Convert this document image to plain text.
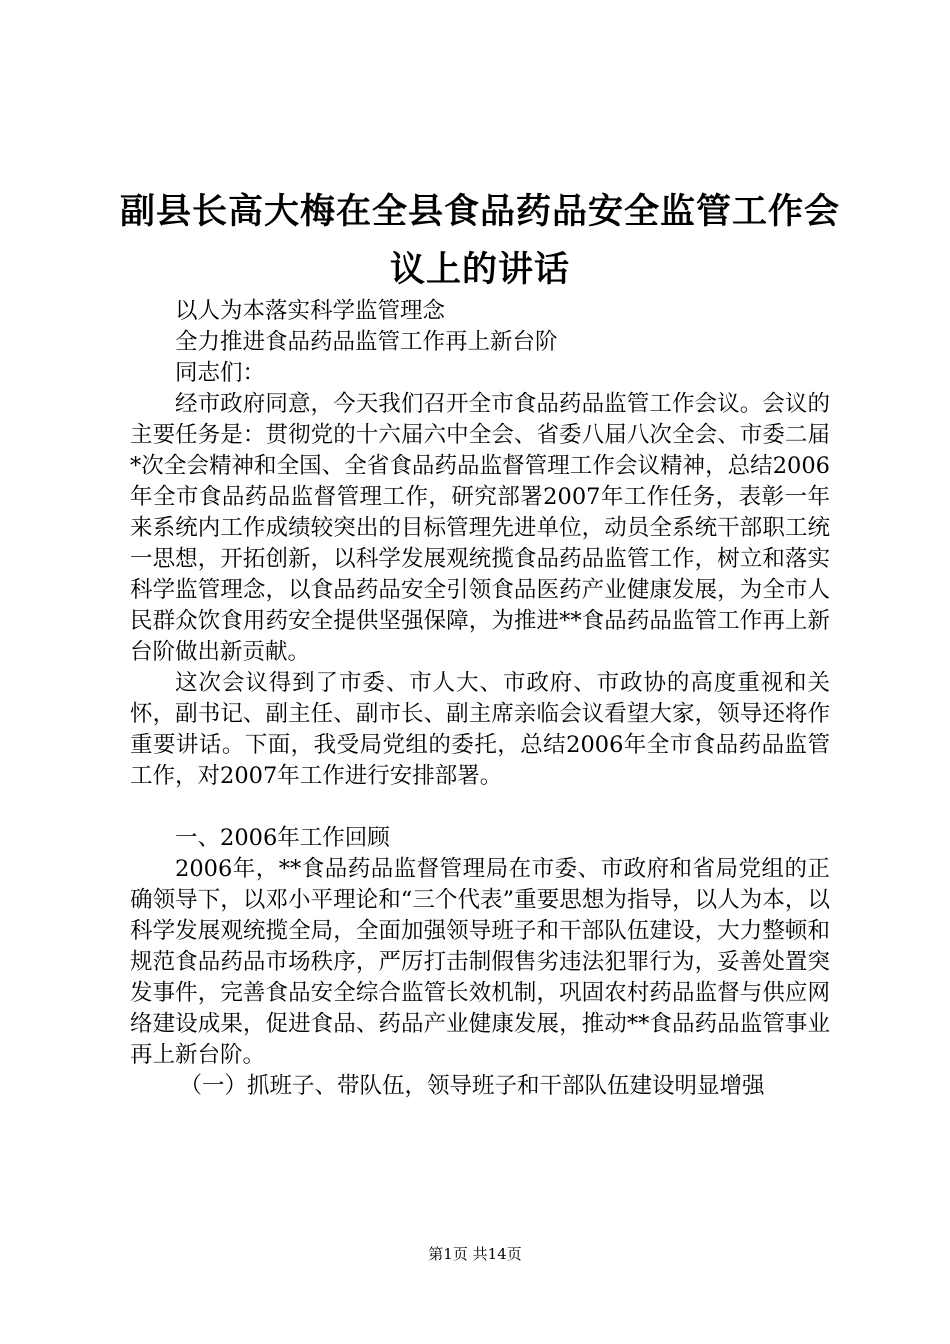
副县长高大梅在全县食品药品安全监管工作会
议上的讲话

以人为本落实科学监管理念

全力推进食品药品监管工作再上新台阶

同志们：

经市政府同意，今天我们召开全市食品药品监管工作会议。会议的主要任务是：贯彻党的十六届六中全会、省委八届八次全会、市委二届*次全会精神和全国、全省食品药品监督管理工作会议精神，总结2006年全市食品药品监督管理工作，研究部署2007年工作任务，表彰一年来系统内工作成绩较突出的目标管理先进单位，动员全系统干部职工统一思想，开拓创新，以科学发展观统揽食品药品监管工作，树立和落实科学监管理念，以食品药品安全引领食品医药产业健康发展，为全市人民群众饮食用药安全提供坚强保障，为推进**食品药品监管工作再上新台阶做出新贡献。

这次会议得到了市委、市人大、市政府、市政协的高度重视和关怀，副书记、副主任、副市长、副主席亲临会议看望大家，领导还将作重要讲话。下面，我受局党组的委托，总结2006年全市食品药品监管工作，对2007年工作进行安排部署。

一、2006年工作回顾

2006年，**食品药品监督管理局在市委、市政府和省局党组的正确领导下，以邓小平理论和“三个代表”重要思想为指导，以人为本，以科学发展观统揽全局，全面加强领导班子和干部队伍建设，大力整顿和规范食品药品市场秩序，严厉打击制假售劣违法犯罪行为，妥善处置突发事件，完善食品安全综合监管长效机制，巩固农村药品监督与供应网络建设成果，促进食品、药品产业健康发展，推动**食品药品监管事业再上新台阶。

（一）抓班子、带队伍，领导班子和干部队伍建设明显增强

第1页 共14页
